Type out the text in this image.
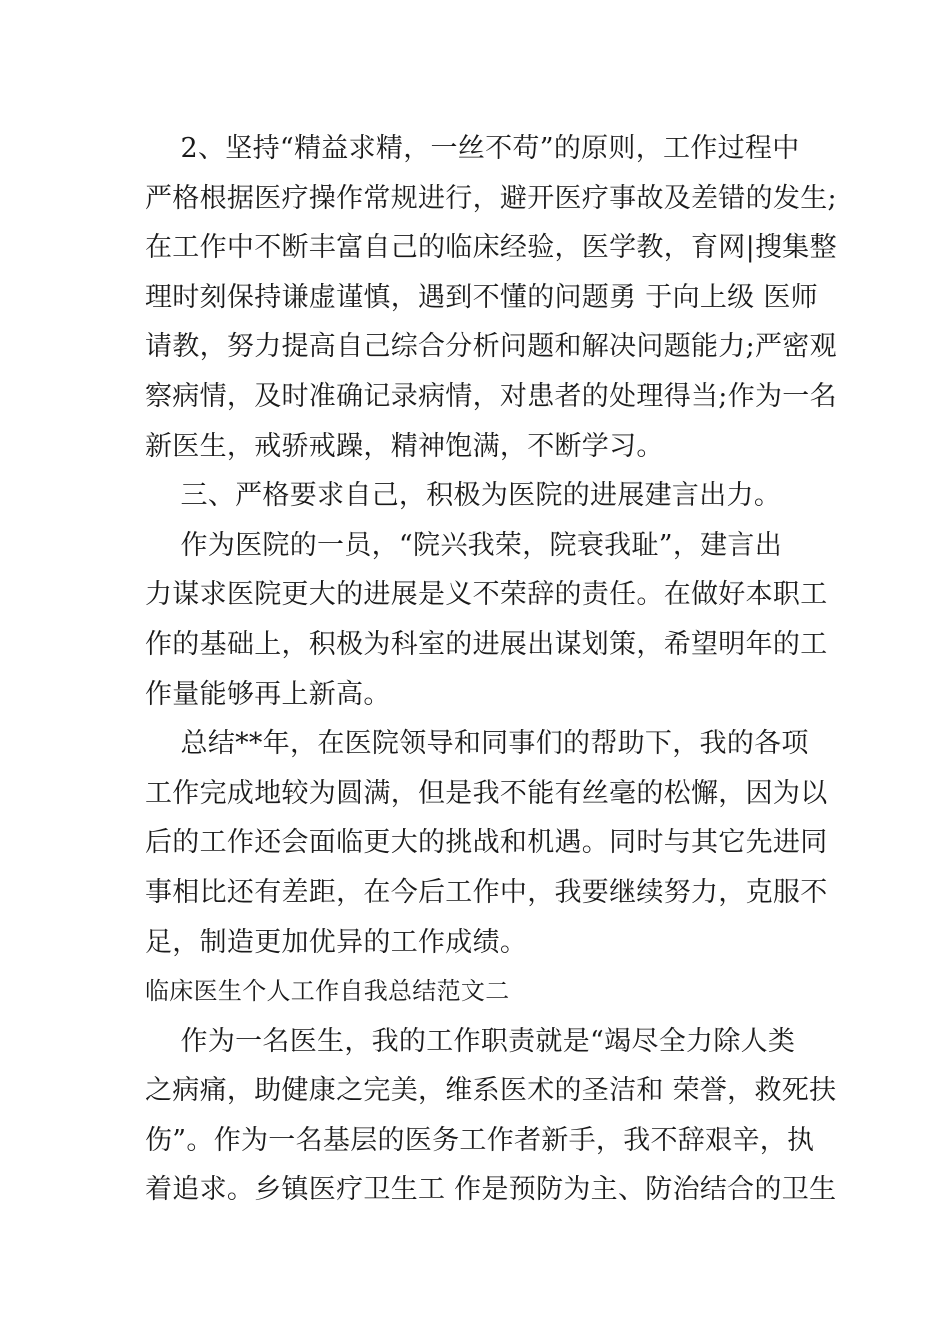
2、坚持“精益求精，一丝不苟”的原则，工作过程中
严格根据医疗操作常规进行，避开医疗事故及差错的发生;
在工作中不断丰富自己的临床经验，医学教，育网|搜集整
理时刻保持谦虚谨慎，遇到不懂的问题勇 于向上级 医师
请教，努力提高自己综合分析问题和解决问题能力;严密观
察病情，及时准确记录病情，对患者的处理得当;作为一名
新医生，戒骄戒躁，精神饱满，不断学习。
三、严格要求自己，积极为医院的进展建言出力。
作为医院的一员，“院兴我荣，院衰我耻”，建言出
力谋求医院更大的进展是义不荣辞的责任。在做好本职工
作的基础上，积极为科室的进展出谋划策，希望明年的工
作量能够再上新高。
总结**年，在医院领导和同事们的帮助下，我的各项
工作完成地较为圆满，但是我不能有丝毫的松懈，因为以
后的工作还会面临更大的挑战和机遇。同时与其它先进同
事相比还有差距，在今后工作中，我要继续努力，克服不
足，制造更加优异的工作成绩。
临床医生个人工作自我总结范文二
作为一名医生，我的工作职责就是“竭尽全力除人类
之病痛，助健康之完美，维系医术的圣洁和 荣誉，救死扶
伤”。作为一名基层的医务工作者新手，我不辞艰辛，执
着追求。乡镇医疗卫生工 作是预防为主、防治结合的卫生
